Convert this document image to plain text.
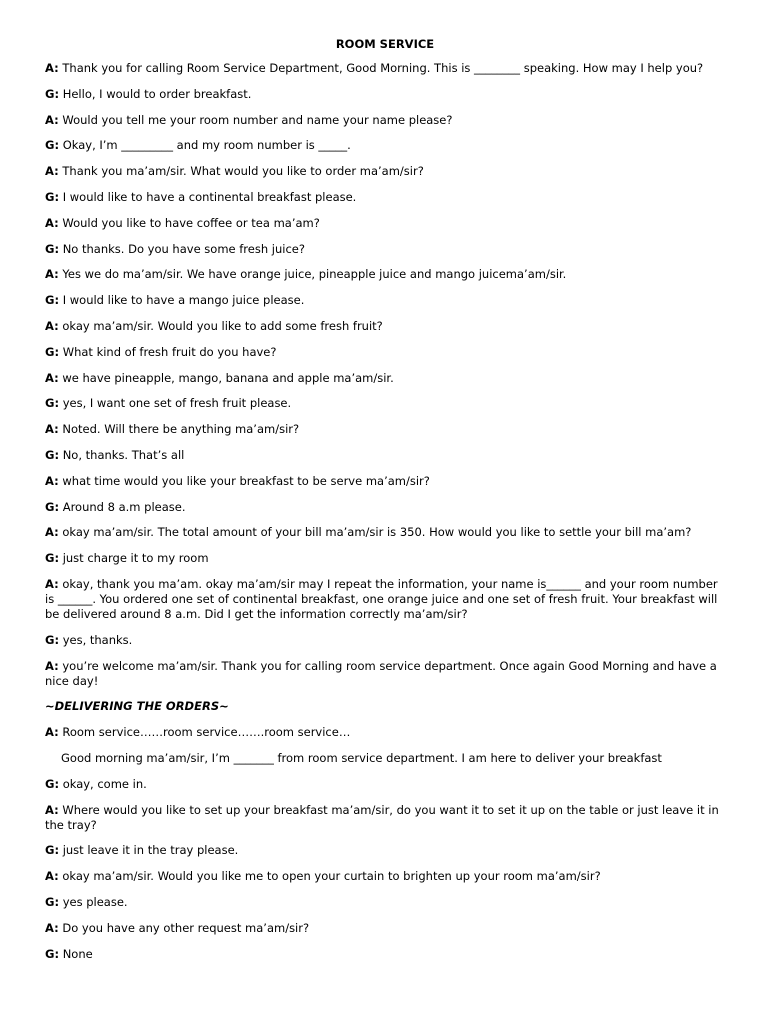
ROOM SERVICE
A: Thank you for calling Room Service Department, Good Morning. This is ________ speaking. How may I help you?
G: Hello, I would to order breakfast.
A: Would you tell me your room number and name your name please?
G: Okay, I’m _________ and my room number is _____.
A: Thank you ma’am/sir. What would you like to order ma’am/sir?
G: I would like to have a continental breakfast please.
A: Would you like to have coffee or tea ma’am?
G: No thanks. Do you have some fresh juice?
A: Yes we do ma’am/sir. We have orange juice, pineapple juice and mango juicema’am/sir.
G: I would like to have a mango juice please.
A: okay ma’am/sir. Would you like to add some fresh fruit?
G: What kind of fresh fruit do you have?
A: we have pineapple, mango, banana and apple ma’am/sir.
G: yes, I want one set of fresh fruit please.
A: Noted. Will there be anything ma’am/sir?
G: No, thanks. That’s all
A: what time would you like your breakfast to be serve ma’am/sir?
G: Around 8 a.m please.
A: okay ma’am/sir. The total amount of your bill ma’am/sir is 350. How would you like to settle your bill ma’am?
G: just charge it to my room
A: okay, thank you ma’am. okay ma’am/sir may I repeat the information, your name is______ and your room number is ______. You ordered one set of continental breakfast, one orange juice and one set of fresh fruit. Your breakfast will be delivered around 8 a.m. Did I get the information correctly ma’am/sir?
G: yes, thanks.
A: you’re welcome ma’am/sir. Thank you for calling room service department. Once again Good Morning and have a nice day!
~DELIVERING THE ORDERS~
A: Room service……room service…….room service…
Good morning ma’am/sir, I’m _______ from room service department. I am here to deliver your breakfast
G: okay, come in.
A: Where would you like to set up your breakfast ma’am/sir, do you want it to set it up on the table or just leave it in the tray?
G: just leave it in the tray please.
A: okay ma’am/sir. Would you like me to open your curtain to brighten up your room ma’am/sir?
G: yes please.
A: Do you have any other request ma’am/sir?
G: None
